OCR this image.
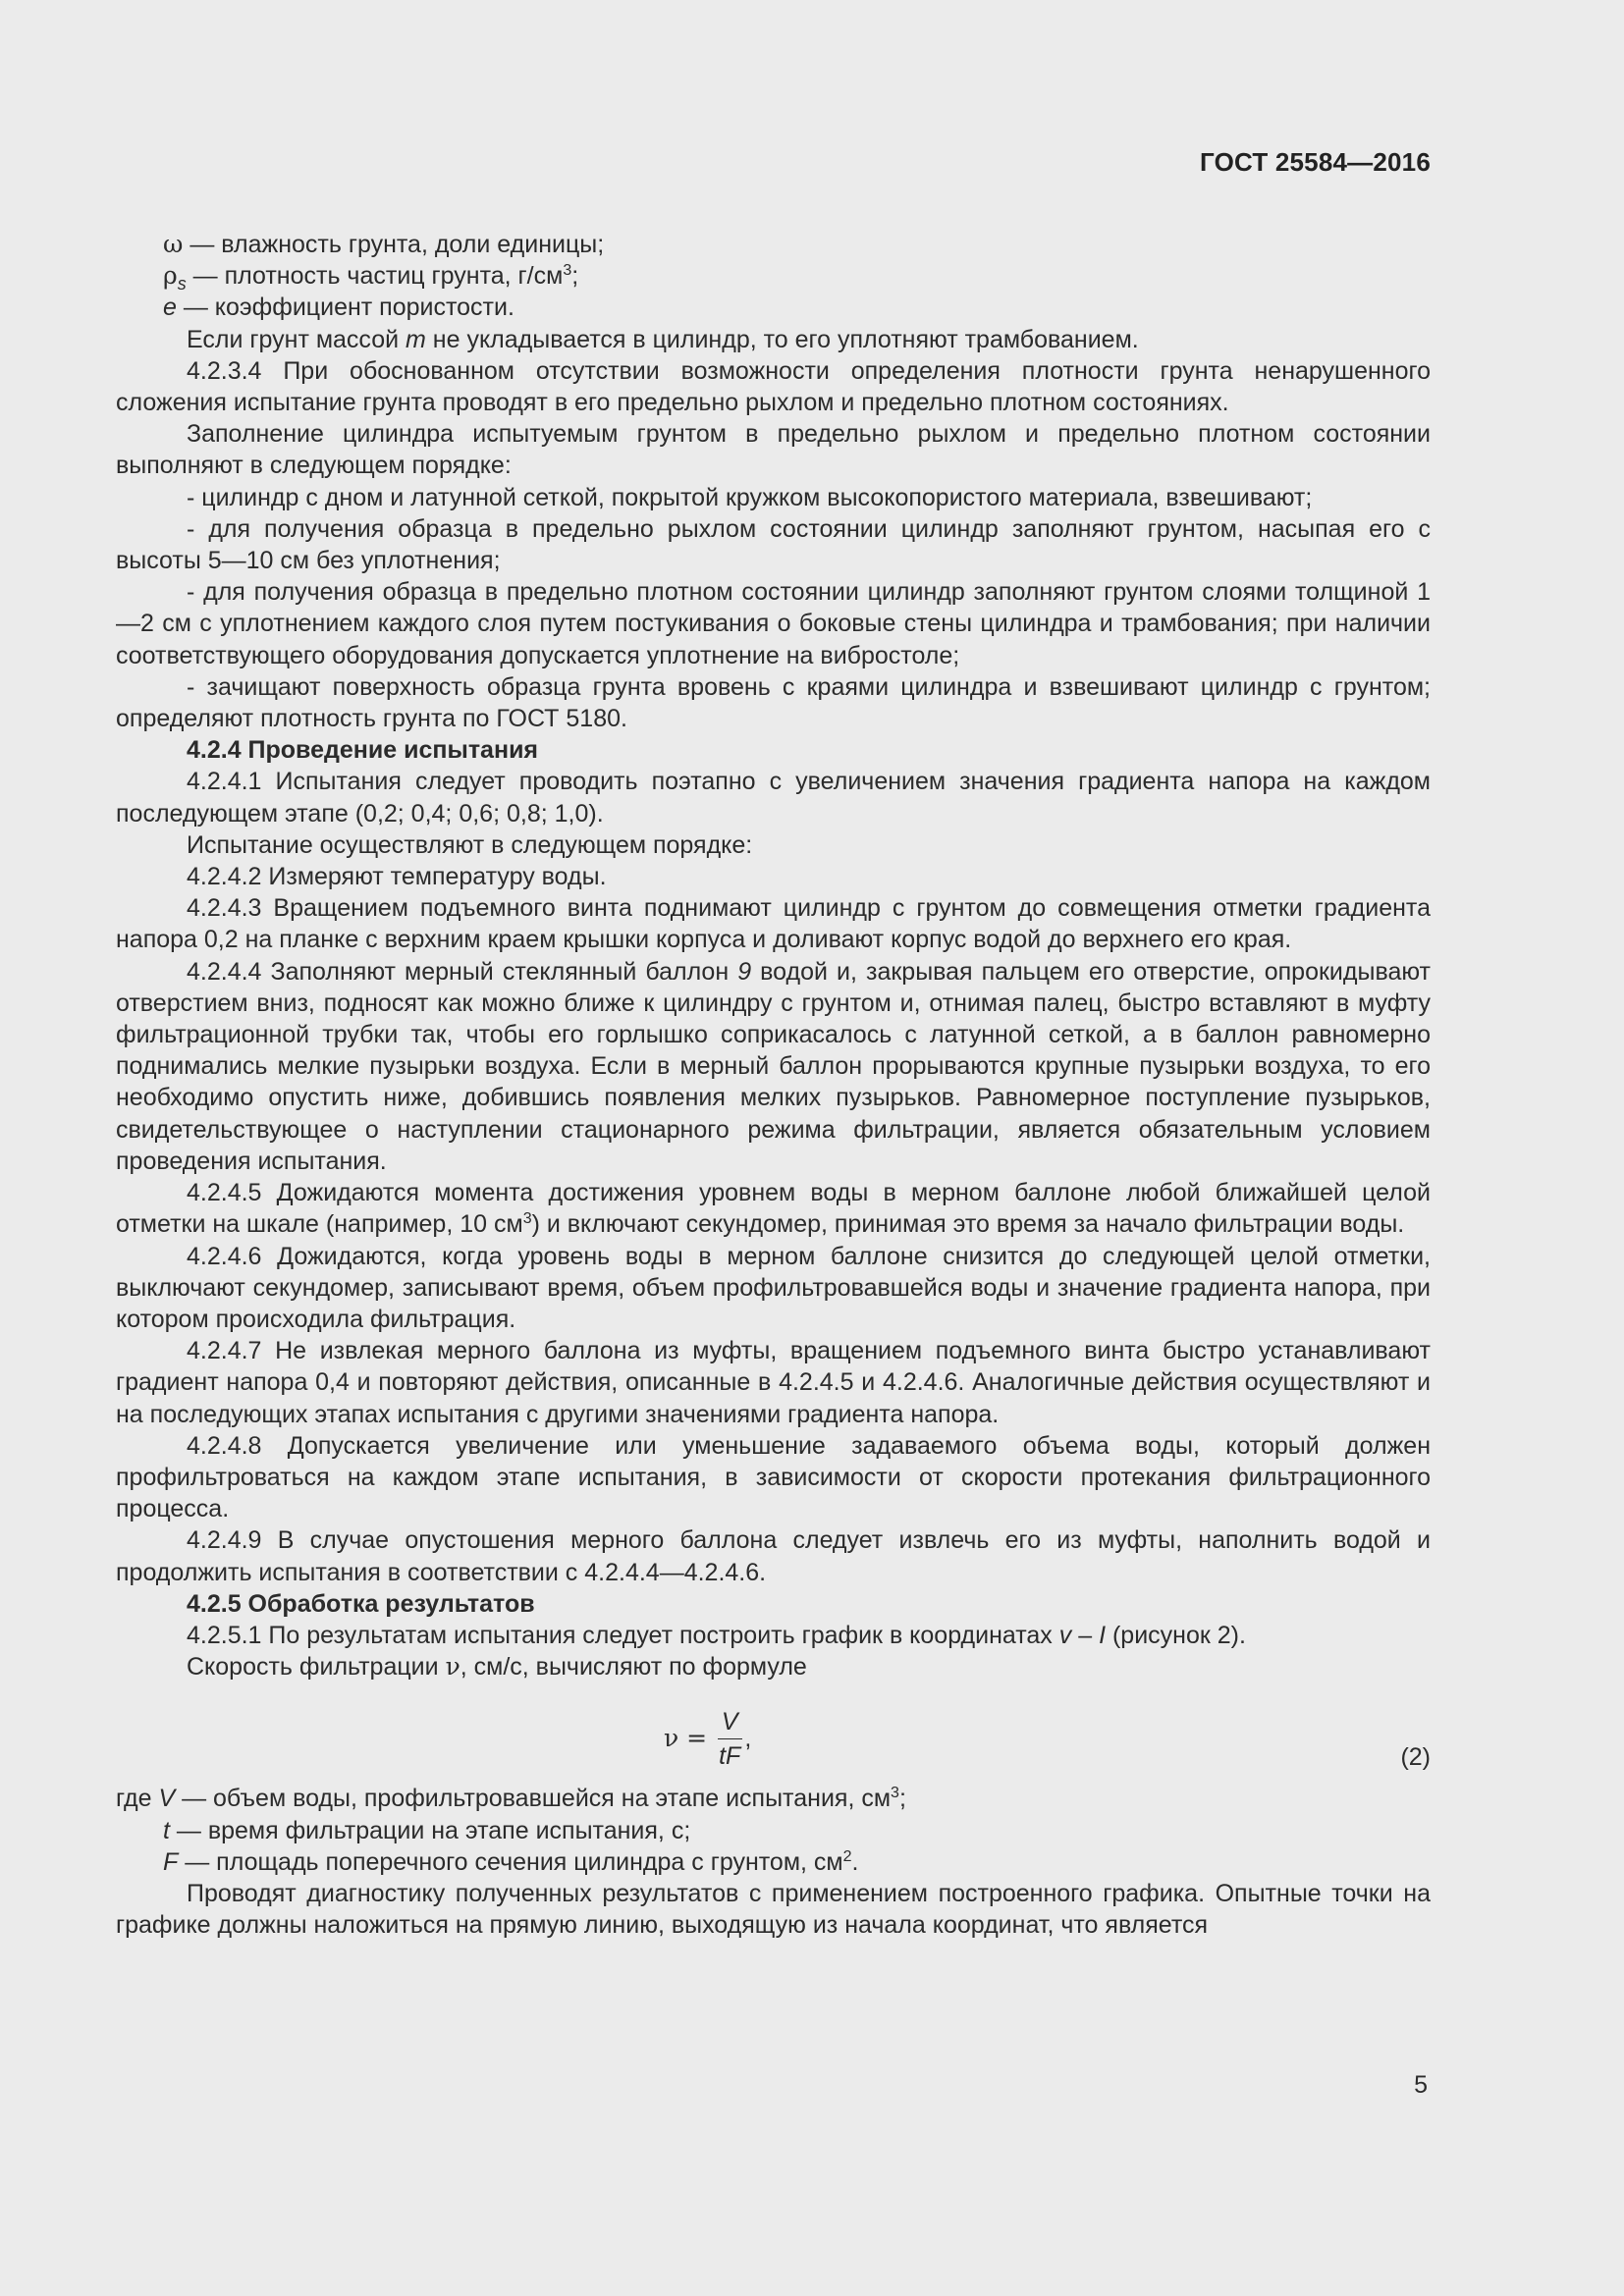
ГОСТ 25584—2016

ω — влажность грунта, доли единицы;

$\rho_s$ — плотность частиц грунта, $г/см^3$;

e — коэффициент пористости.

Если грунт массой m не укладывается в цилиндр, то его уплотняют трамбованием.

4.2.3.4 При обоснованном отсутствии возможности определения плотности грунта ненарушенного сложения испытание грунта проводят в его предельно рыхлом и предельно плотном состояниях.

Заполнение цилиндра испытуемым грунтом в предельно рыхлом и предельно плотном состоянии выполняют в следующем порядке:

- цилиндр с дном и латунной сеткой, покрытой кружком высокопористого материала, взвешивают;

- для получения образца в предельно рыхлом состоянии цилиндр заполняют грунтом, насыпая его с высоты 5—10 см без уплотнения;

- для получения образца в предельно плотном состоянии цилиндр заполняют грунтом слоями толщиной 1—2 см с уплотнением каждого слоя путем постукивания о боковые стены цилиндра и трамбования; при наличии соответствующего оборудования допускается уплотнение на вибростоле;

- зачищают поверхность образца грунта вровень с краями цилиндра и взвешивают цилиндр с грунтом; определяют плотность грунта по ГОСТ 5180.

4.2.4 Проведение испытания

4.2.4.1 Испытания следует проводить поэтапно с увеличением значения градиента напора на каждом последующем этапе (0,2; 0,4; 0,6; 0,8; 1,0).

Испытание осуществляют в следующем порядке:

4.2.4.2 Измеряют температуру воды.

4.2.4.3 Вращением подъемного винта поднимают цилиндр с грунтом до совмещения отметки градиента напора 0,2 на планке с верхним краем крышки корпуса и доливают корпус водой до верхнего его края.

4.2.4.4 Заполняют мерный стеклянный баллон 9 водой и, закрывая пальцем его отверстие, опрокидывают отверстием вниз, подносят как можно ближе к цилиндру с грунтом и, отнимая палец, быстро вставляют в муфту фильтрационной трубки так, чтобы его горлышко соприкасалось с латунной сеткой, а в баллон равномерно поднимались мелкие пузырьки воздуха. Если в мерный баллон прорываются крупные пузырьки воздуха, то его необходимо опустить ниже, добившись появления мелких пузырьков. Равномерное поступление пузырьков, свидетельствующее о наступлении стационарного режима фильтрации, является обязательным условием проведения испытания.

4.2.4.5 Дожидаются момента достижения уровнем воды в мерном баллоне любой ближайшей целой отметки на шкале (например, 10 $см^3$) и включают секундомер, принимая это время за начало фильтрации воды.

4.2.4.6 Дожидаются, когда уровень воды в мерном баллоне снизится до следующей целой отметки, выключают секундомер, записывают время, объем профильтровавшейся воды и значение градиента напора, при котором происходила фильтрация.

4.2.4.7 Не извлекая мерного баллона из муфты, вращением подъемного винта быстро устанавливают градиент напора 0,4 и повторяют действия, описанные в 4.2.4.5 и 4.2.4.6. Аналогичные действия осуществляют и на последующих этапах испытания с другими значениями градиента напора.

4.2.4.8 Допускается увеличение или уменьшение задаваемого объема воды, который должен профильтроваться на каждом этапе испытания, в зависимости от скорости протекания фильтрационного процесса.

4.2.4.9 В случае опустошения мерного баллона следует извлечь его из муфты, наполнить водой и продолжить испытания в соответствии с 4.2.4.4—4.2.4.6.

4.2.5 Обработка результатов

4.2.5.1 По результатам испытания следует построить график в координатах v – I (рисунок 2).

Скорость фильтрации ν, см/с, вычисляют по формуле

$\nu = \frac{V}{tF}$ ,
(2)

где V — объем воды, профильтровавшейся на этапе испытания, $см^3$;

t — время фильтрации на этапе испытания, с;

F — площадь поперечного сечения цилиндра с грунтом, $см^2$.

Проводят диагностику полученных результатов с применением построенного графика. Опытные точки на графике должны наложиться на прямую линию, выходящую из начала координат, что является

5
